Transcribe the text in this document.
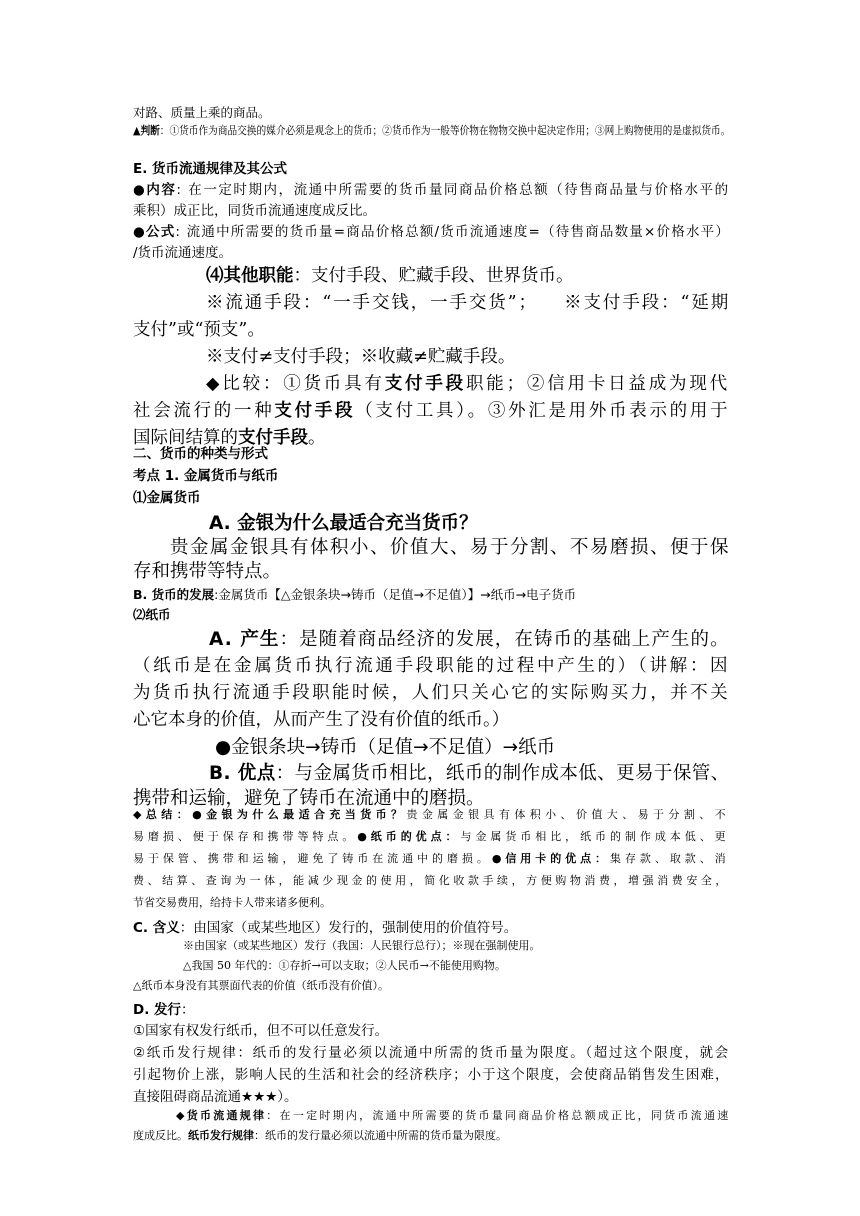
对路、质量上乘的商品。
▲判断：①货币作为商品交换的媒介必须是观念上的货币；②货币作为一般等价物在物物交换中起决定作用；③网上购物使用的是虚拟货币。
E. 货币流通规律及其公式
●内容: 在一定时期内，流通中所需要的货币量同商品价格总额（待售商品量与价格水平的
乘积）成正比，同货币流通速度成反比。
●公式: 流通中所需要的货币量=商品价格总额/货币流通速度=（待售商品数量×价格水平）
/货币流通速度。
⑷其他职能：支付手段、贮藏手段、世界货币。
※流通手段：“一手交钱，一手交货”； ※支付手段：“延期
支付”或“预支”。
※支付≠支付手段；※收藏≠贮藏手段。
◆比较：①货币具有支付手段职能；②信用卡日益成为现代
社会流行的一种支付手段（支付工具）。③外汇是用外币表示的用于
国际间结算的支付手段。
二、货币的种类与形式
考点 1. 金属货币与纸币
⑴金属货币
A. 金银为什么最适合充当货币？
贵金属金银具有体积小、价值大、易于分割、不易磨损、便于保
存和携带等特点。
B. 货币的发展:金属货币【△金银条块→铸币（足值→不足值）】→纸币→电子货币
⑵纸币
A. 产生：是随着商品经济的发展，在铸币的基础上产生的。
（纸币是在金属货币执行流通手段职能的过程中产生的）（讲解：因
为货币执行流通手段职能时候，人们只关心它的实际购买力，并不关
心它本身的价值，从而产生了没有价值的纸币。）
●金银条块→铸币（足值→不足值）→纸币
B. 优点：与金属货币相比，纸币的制作成本低、更易于保管、
携带和运输，避免了铸币在流通中的磨损。
◆总结：●金银为什么最适合充当货币？贵金属金银具有体积小、价值大、易于分割、不
易磨损、便于保存和携带等特点。●纸币的优点：与金属货币相比，纸币的制作成本低、更
易于保管、携带和运输，避免了铸币在流通中的磨损。●信用卡的优点：集存款、取款、消
费、结算、查询为一体，能减少现金的使用，简化收款手续，方便购物消费，增强消费安全，
节省交易费用，给持卡人带来诸多便利。
C. 含义：由国家（或某些地区）发行的，强制使用的价值符号。
※由国家（或某些地区）发行（我国：人民银行总行）；※现在强制使用。
△我国 50 年代的：①存折→可以支取；②人民币→不能使用购物。
△纸币本身没有其票面代表的价值（纸币没有价值）。
D. 发行：
①国家有权发行纸币，但不可以任意发行。
②纸币发行规律：纸币的发行量必须以流通中所需的货币量为限度。（超过这个限度，就会
引起物价上涨，影响人民的生活和社会的经济秩序；小于这个限度，会使商品销售发生困难，
直接阻碍商品流通★★★）。
◆货币流通规律：在一定时期内，流通中所需要的货币量同商品价格总额成正比，同货币流通速
度成反比。纸币发行规律：纸币的发行量必须以流通中所需的货币量为限度。
